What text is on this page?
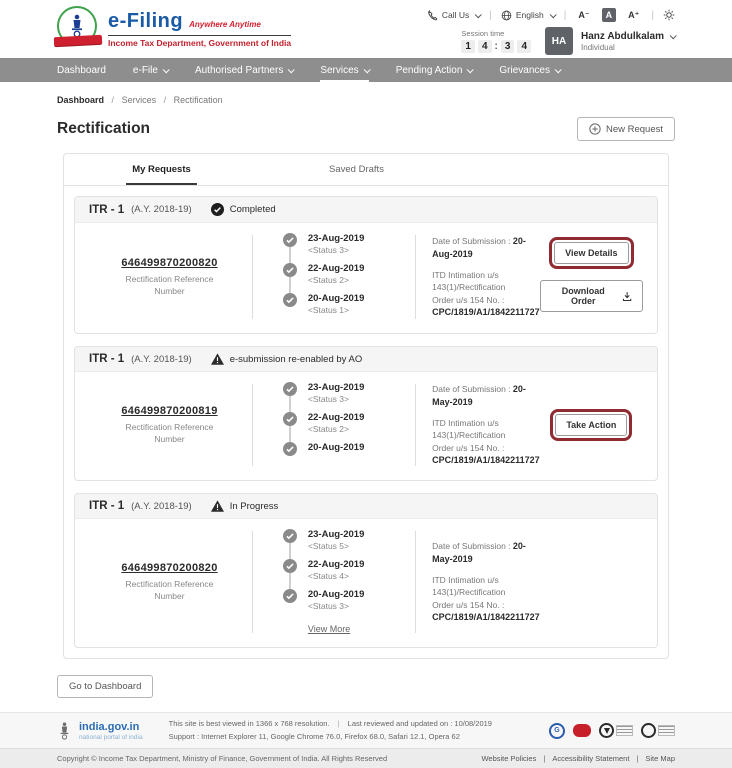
e-Filing Anywhere Anytime
Income Tax Department, Government of India
Call Us |	English |	A⁻	A	A⁺	|
Session time
1	4 : 3	4	HA	Hanz Abdulkalam
Individual
Dashboard	e-File	Authorised Partners	Services	Pending Action	Grievances
Dashboard / Services / Rectification
Rectification	New Request
My Requests	Saved Drafts
ITR - 1 (A.Y. 2018-19)	Completed
646499870200820
Rectification Reference Number
23-Aug-2019
<Status 3>
22-Aug-2019
<Status 2>
20-Aug-2019
<Status 1>
Date of Submission : 20-Aug-2019
ITD Intimation u/s 143(1)/Rectification
Order u/s 154 No. : CPC/1819/A1/1842211727
View Details
Download Order
ITR - 1 (A.Y. 2018-19)	e-submission re-enabled by AO
646499870200819
Rectification Reference Number
23-Aug-2019
<Status 3>
22-Aug-2019
<Status 2>
20-Aug-2019
Date of Submission : 20-May-2019
ITD Intimation u/s 143(1)/Rectification
Order u/s 154 No. : CPC/1819/A1/1842211727
Take Action
ITR - 1 (A.Y. 2018-19)	In Progress
646499870200820
Rectification Reference Number
23-Aug-2019
<Status 5>
22-Aug-2019
<Status 4>
20-Aug-2019
<Status 3>
View More
Date of Submission : 20-May-2019
ITD Intimation u/s 143(1)/Rectification
Order u/s 154 No. : CPC/1819/A1/1842211727
Go to Dashboard
india.gov.in
national portal of india
This site is best viewed in 1366 x 768 resolution. | Last reviewed and updated on : 10/08/2019
Support : Internet Explorer 11, Google Chrome 76.0, Firefox 68.0, Safari 12.1, Opera 62
G
Copyright © Income Tax Department, Ministry of Finance, Government of India. All Rights Reserved	Website Policies | Accessibility Statement | Site Map
